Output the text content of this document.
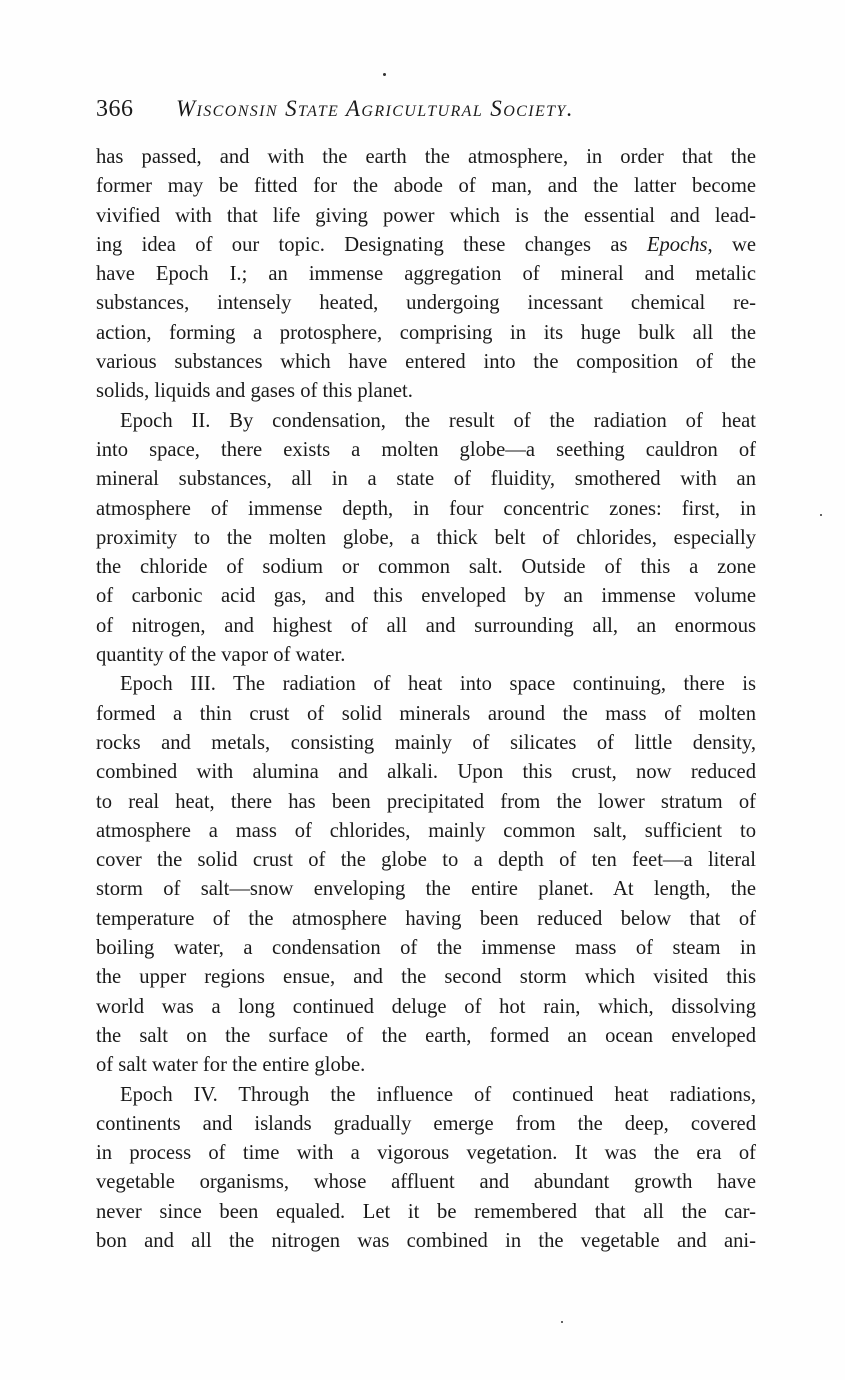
366 Wisconsin State Agricultural Society.
has passed, and with the earth the atmosphere, in order that the
former may be fitted for the abode of man, and the latter become
vivified with that life giving power which is the essential and lead-
ing idea of our topic. Designating these changes as Epochs, we
have Epoch I.; an immense aggregation of mineral and metalic
substances, intensely heated, undergoing incessant chemical re-
action, forming a protosphere, comprising in its huge bulk all the
various substances which have entered into the composition of the
solids, liquids and gases of this planet.
Epoch II. By condensation, the result of the radiation of heat
into space, there exists a molten globe—a seething cauldron of
mineral substances, all in a state of fluidity, smothered with an
atmosphere of immense depth, in four concentric zones: first, in
proximity to the molten globe, a thick belt of chlorides, especially
the chloride of sodium or common salt. Outside of this a zone
of carbonic acid gas, and this enveloped by an immense volume
of nitrogen, and highest of all and surrounding all, an enormous
quantity of the vapor of water.
Epoch III. The radiation of heat into space continuing, there is
formed a thin crust of solid minerals around the mass of molten
rocks and metals, consisting mainly of silicates of little density,
combined with alumina and alkali. Upon this crust, now reduced
to real heat, there has been precipitated from the lower stratum of
atmosphere a mass of chlorides, mainly common salt, sufficient to
cover the solid crust of the globe to a depth of ten feet—a literal
storm of salt—snow enveloping the entire planet. At length, the
temperature of the atmosphere having been reduced below that of
boiling water, a condensation of the immense mass of steam in
the upper regions ensue, and the second storm which visited this
world was a long continued deluge of hot rain, which, dissolving
the salt on the surface of the earth, formed an ocean enveloped
of salt water for the entire globe.
Epoch IV. Through the influence of continued heat radiations,
continents and islands gradually emerge from the deep, covered
in process of time with a vigorous vegetation. It was the era of
vegetable organisms, whose affluent and abundant growth have
never since been equaled. Let it be remembered that all the car-
bon and all the nitrogen was combined in the vegetable and ani-
